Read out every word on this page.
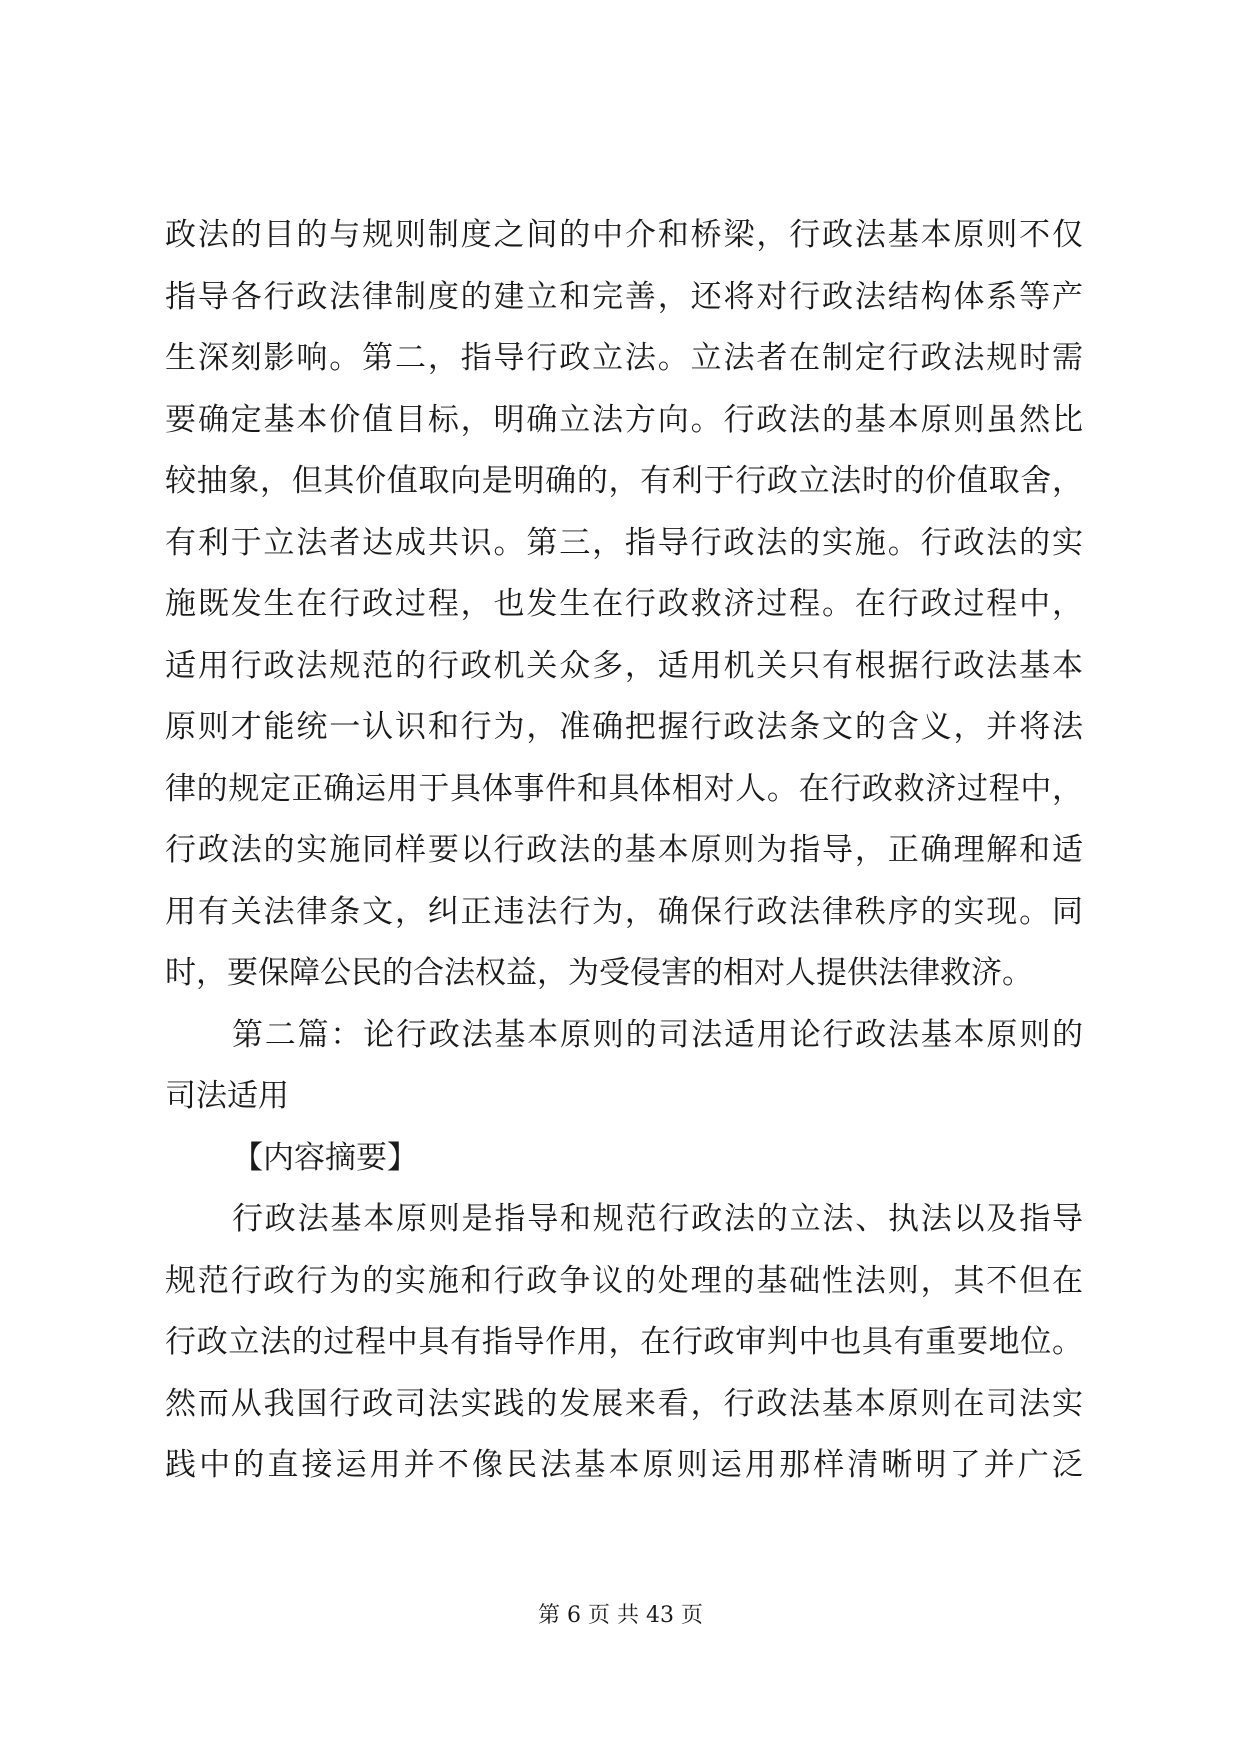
政法的目的与规则制度之间的中介和桥梁，行政法基本原则不仅
指导各行政法律制度的建立和完善，还将对行政法结构体系等产
生深刻影响。第二，指导行政立法。立法者在制定行政法规时需
要确定基本价值目标，明确立法方向。行政法的基本原则虽然比
较抽象，但其价值取向是明确的，有利于行政立法时的价值取舍，
有利于立法者达成共识。第三，指导行政法的实施。行政法的实
施既发生在行政过程，也发生在行政救济过程。在行政过程中，
适用行政法规范的行政机关众多，适用机关只有根据行政法基本
原则才能统一认识和行为，准确把握行政法条文的含义，并将法
律的规定正确运用于具体事件和具体相对人。在行政救济过程中，
行政法的实施同样要以行政法的基本原则为指导，正确理解和适
用有关法律条文，纠正违法行为，确保行政法律秩序的实现。同
时，要保障公民的合法权益，为受侵害的相对人提供法律救济。
第二篇：论行政法基本原则的司法适用论行政法基本原则的
司法适用
【内容摘要】
行政法基本原则是指导和规范行政法的立法、执法以及指导
规范行政行为的实施和行政争议的处理的基础性法则，其不但在
行政立法的过程中具有指导作用，在行政审判中也具有重要地位。
然而从我国行政司法实践的发展来看，行政法基本原则在司法实
践中的直接运用并不像民法基本原则运用那样清晰明了并广泛
第 6 页 共 43 页
